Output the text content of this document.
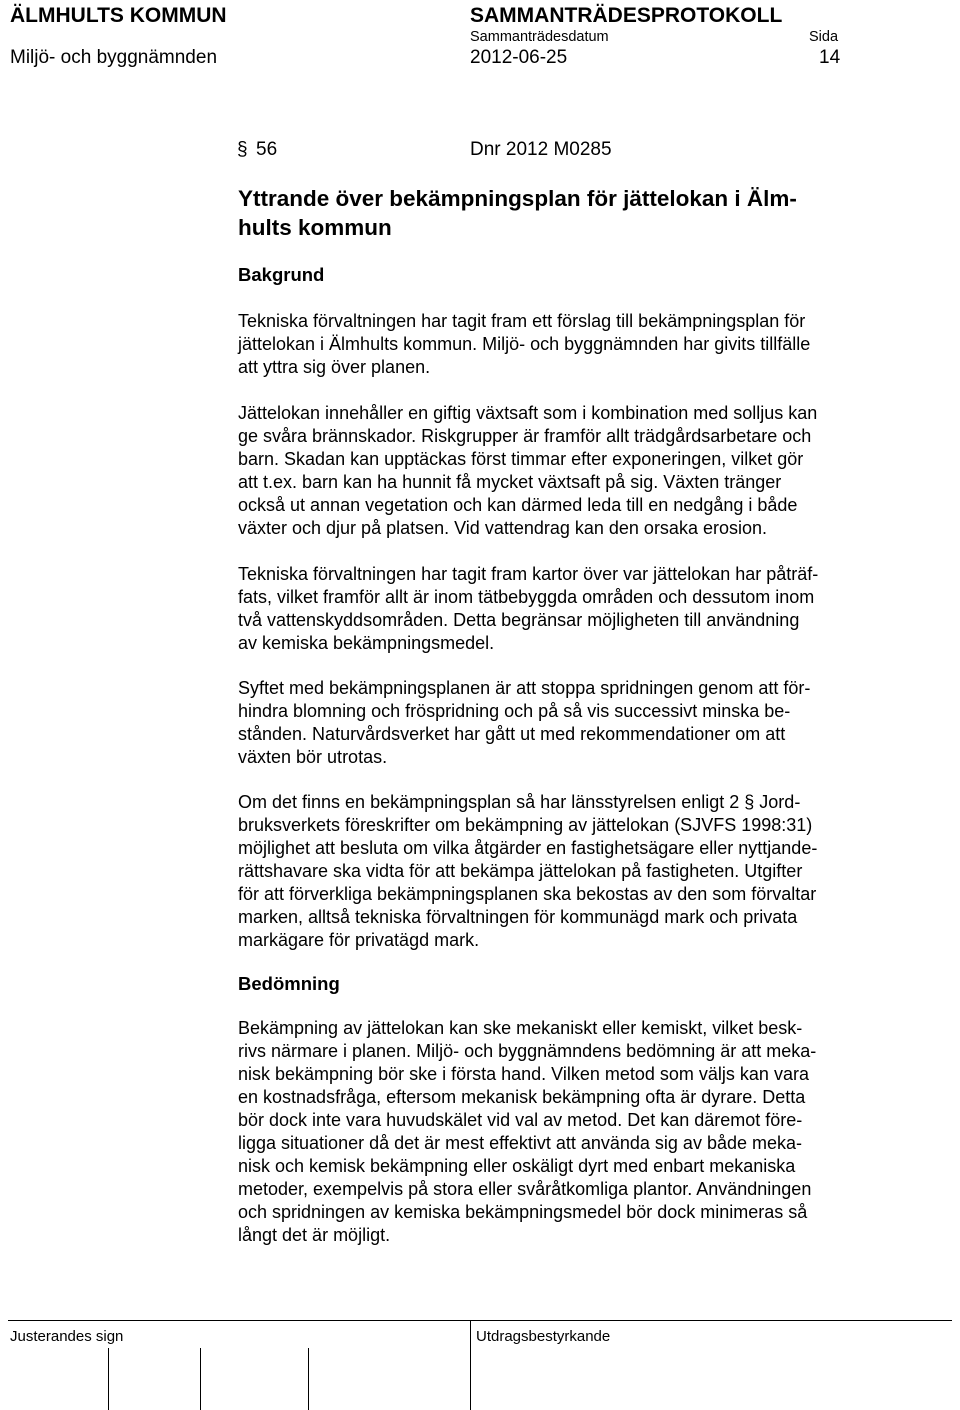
ÄLMHULTS KOMMUN	SAMMANTRÄDESPROTOKOLL
Sammanträdesdatum	Sida
Miljö- och byggnämnden	2012-06-25	14
§ 56	Dnr 2012 M0285
Yttrande över bekämpningsplan för jättelokan i Älm-
hults kommun
Bakgrund
Tekniska förvaltningen har tagit fram ett förslag till bekämpningsplan för
jättelokan i Älmhults kommun. Miljö- och byggnämnden har givits tillfälle
att yttra sig över planen.
Jättelokan innehåller en giftig växtsaft som i kombination med solljus kan
ge svåra brännskador. Riskgrupper är framför allt trädgårdsarbetare och
barn. Skadan kan upptäckas först timmar efter exponeringen, vilket gör
att t.ex. barn kan ha hunnit få mycket växtsaft på sig. Växten tränger
också ut annan vegetation och kan därmed leda till en nedgång i både
växter och djur på platsen. Vid vattendrag kan den orsaka erosion.
Tekniska förvaltningen har tagit fram kartor över var jättelokan har påträf-
fats, vilket framför allt är inom tätbebyggda områden och dessutom inom
två vattenskyddsområden. Detta begränsar möjligheten till användning
av kemiska bekämpningsmedel.
Syftet med bekämpningsplanen är att stoppa spridningen genom att för-
hindra blomning och fröspridning och på så vis successivt minska be-
stånden. Naturvårdsverket har gått ut med rekommendationer om att
växten bör utrotas.
Om det finns en bekämpningsplan så har länsstyrelsen enligt 2 § Jord-
bruksverkets föreskrifter om bekämpning av jättelokan (SJVFS 1998:31)
möjlighet att besluta om vilka åtgärder en fastighetsägare eller nyttjande-
rättshavare ska vidta för att bekämpa jättelokan på fastigheten. Utgifter
för att förverkliga bekämpningsplanen ska bekostas av den som förvaltar
marken, alltså tekniska förvaltningen för kommunägd mark och privata
markägare för privatägd mark.
Bedömning
Bekämpning av jättelokan kan ske mekaniskt eller kemiskt, vilket besk-
rivs närmare i planen. Miljö- och byggnämndens bedömning är att meka-
nisk bekämpning bör ske i första hand. Vilken metod som väljs kan vara
en kostnadsfråga, eftersom mekanisk bekämpning ofta är dyrare. Detta
bör dock inte vara huvudskälet vid val av metod. Det kan däremot före-
ligga situationer då det är mest effektivt att använda sig av både meka-
nisk och kemisk bekämpning eller oskäligt dyrt med enbart mekaniska
metoder, exempelvis på stora eller svåråtkomliga plantor. Användningen
och spridningen av kemiska bekämpningsmedel bör dock minimeras så
långt det är möjligt.
Justerandes sign	Utdragsbestyrkande
